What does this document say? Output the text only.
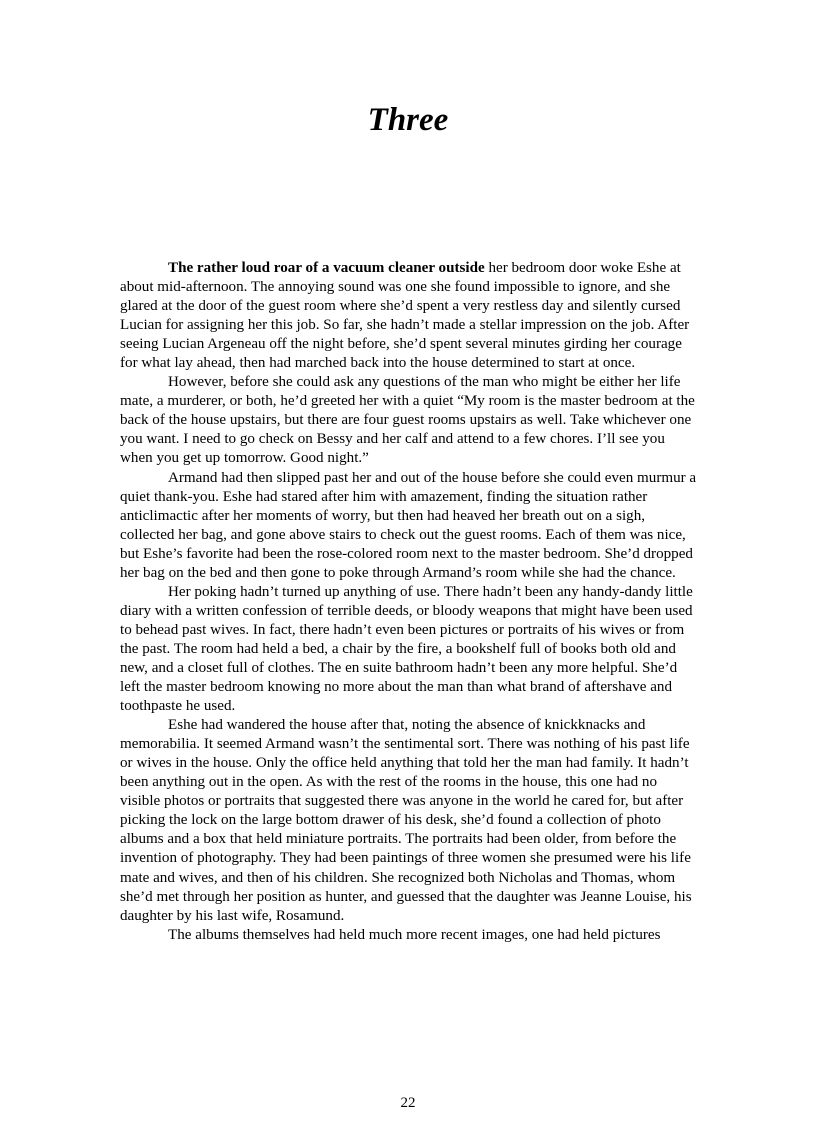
Three

The rather loud roar of a vacuum cleaner outside her bedroom door woke Eshe at about mid-afternoon. The annoying sound was one she found impossible to ignore, and she glared at the door of the guest room where she’d spent a very restless day and silently cursed Lucian for assigning her this job. So far, she hadn’t made a stellar impression on the job. After seeing Lucian Argeneau off the night before, she’d spent several minutes girding her courage for what lay ahead, then had marched back into the house determined to start at once.

However, before she could ask any questions of the man who might be either her life mate, a murderer, or both, he’d greeted her with a quiet “My room is the master bedroom at the back of the house upstairs, but there are four guest rooms upstairs as well. Take whichever one you want. I need to go check on Bessy and her calf and attend to a few chores. I’ll see you when you get up tomorrow. Good night.”

Armand had then slipped past her and out of the house before she could even murmur a quiet thank-you. Eshe had stared after him with amazement, finding the situation rather anticlimactic after her moments of worry, but then had heaved her breath out on a sigh, collected her bag, and gone above stairs to check out the guest rooms. Each of them was nice, but Eshe’s favorite had been the rose-colored room next to the master bedroom. She’d dropped her bag on the bed and then gone to poke through Armand’s room while she had the chance.

Her poking hadn’t turned up anything of use. There hadn’t been any handy-dandy little diary with a written confession of terrible deeds, or bloody weapons that might have been used to behead past wives. In fact, there hadn’t even been pictures or portraits of his wives or from the past. The room had held a bed, a chair by the fire, a bookshelf full of books both old and new, and a closet full of clothes. The en suite bathroom hadn’t been any more helpful. She’d left the master bedroom knowing no more about the man than what brand of aftershave and toothpaste he used.

Eshe had wandered the house after that, noting the absence of knickknacks and memorabilia. It seemed Armand wasn’t the sentimental sort. There was nothing of his past life or wives in the house. Only the office held anything that told her the man had family. It hadn’t been anything out in the open. As with the rest of the rooms in the house, this one had no visible photos or portraits that suggested there was anyone in the world he cared for, but after picking the lock on the large bottom drawer of his desk, she’d found a collection of photo albums and a box that held miniature portraits. The portraits had been older, from before the invention of photography. They had been paintings of three women she presumed were his life mate and wives, and then of his children. She recognized both Nicholas and Thomas, whom she’d met through her position as hunter, and guessed that the daughter was Jeanne Louise, his daughter by his last wife, Rosamund.

The albums themselves had held much more recent images, one had held pictures

22
